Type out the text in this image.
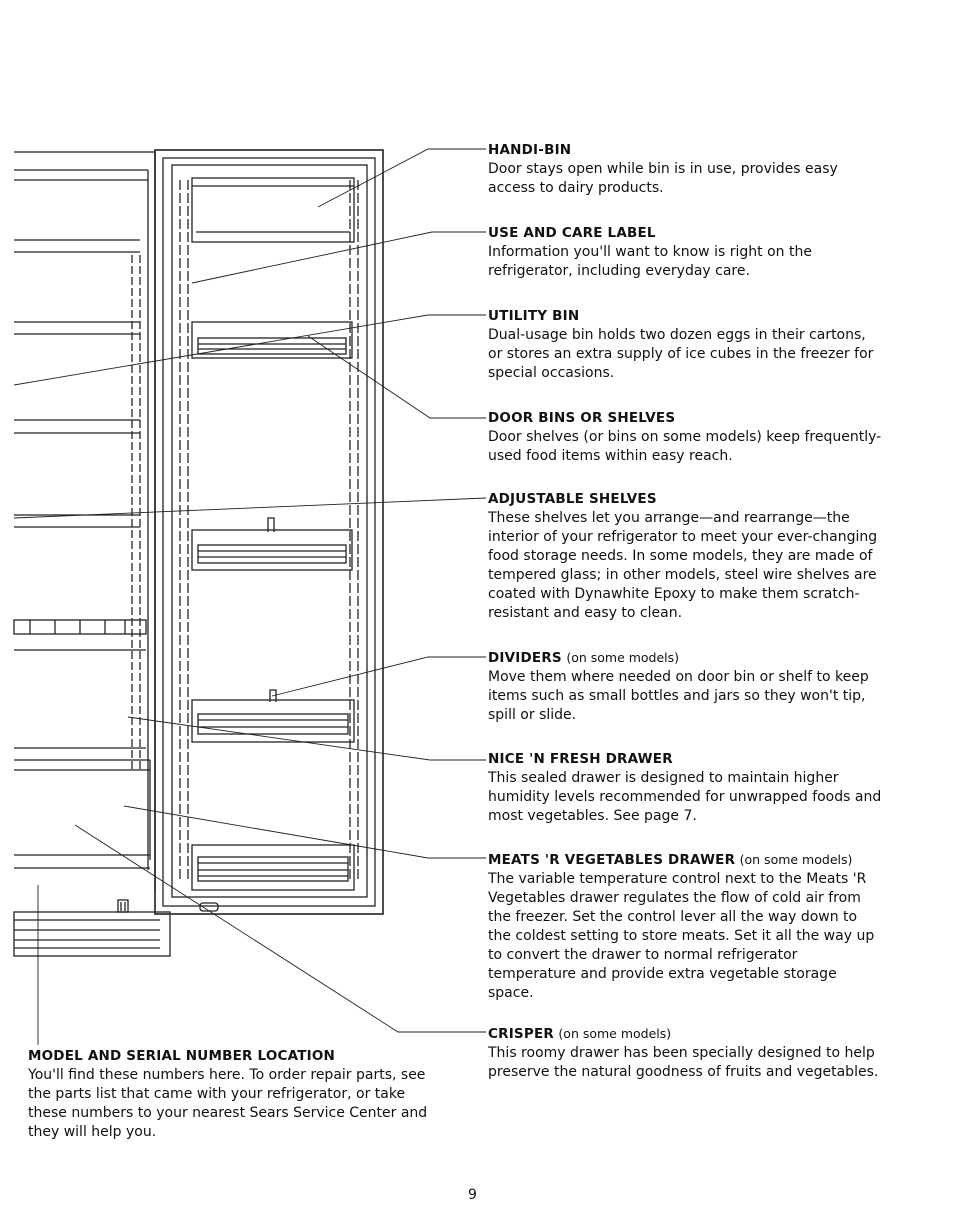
HANDI-BIN
Door stays open while bin is in use, provides easy access to dairy products.
USE AND CARE LABEL
Information you'll want to know is right on the refrigerator, including everyday care.
UTILITY BIN
Dual-usage bin holds two dozen eggs in their cartons, or stores an extra supply of ice cubes in the freezer for special occasions.
DOOR BINS OR SHELVES
Door shelves (or bins on some models) keep frequently-used food items within easy reach.
ADJUSTABLE SHELVES
These shelves let you arrange—and rearrange—the interior of your refrigerator to meet your ever-changing food storage needs. In some models, they are made of tempered glass; in other models, steel wire shelves are coated with Dynawhite Epoxy to make them scratch-resistant and easy to clean.
DIVIDERS (on some models)
Move them where needed on door bin or shelf to keep items such as small bottles and jars so they won't tip, spill or slide.
NICE 'N FRESH DRAWER
This sealed drawer is designed to maintain higher humidity levels recommended for unwrapped foods and most vegetables. See page 7.
MEATS 'R VEGETABLES DRAWER (on some models)
The variable temperature control next to the Meats 'R Vegetables drawer regulates the flow of cold air from the freezer. Set the control lever all the way down to the coldest setting to store meats. Set it all the way up to convert the drawer to normal refrigerator temperature and provide extra vegetable storage space.
CRISPER (on some models)
This roomy drawer has been specially designed to help preserve the natural goodness of fruits and vegetables.
MODEL AND SERIAL NUMBER LOCATION
You'll find these numbers here. To order repair parts, see the parts list that came with your refrigerator, or take these numbers to your nearest Sears Service Center and they will help you.
9
